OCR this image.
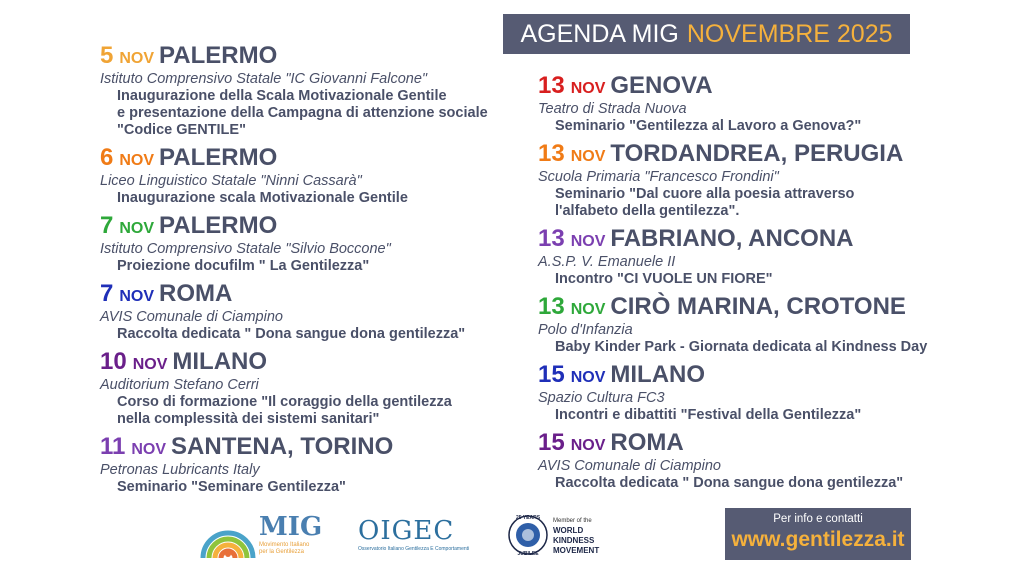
AGENDA MIG NOVEMBRE 2025
5 NOV PALERMO
Istituto Comprensivo Statale "IC Giovanni Falcone"
Inaugurazione della Scala Motivazionale Gentile
e presentazione della Campagna di attenzione sociale
"Codice GENTILE"
6 NOV PALERMO
Liceo Linguistico Statale "Ninni Cassarà"
Inaugurazione scala Motivazionale Gentile
7 NOV PALERMO
Istituto Comprensivo Statale "Silvio Boccone"
Proiezione docufilm " La Gentilezza"
7 NOV ROMA
AVIS Comunale di Ciampino
Raccolta dedicata " Dona sangue dona gentilezza"
10 NOV MILANO
Auditorium Stefano Cerri
Corso di formazione "Il coraggio della gentilezza
nella complessità dei sistemi sanitari"
11 NOV SANTENA, TORINO
Petronas Lubricants Italy
Seminario "Seminare Gentilezza"
13 NOV GENOVA
Teatro di Strada Nuova
Seminario "Gentilezza al Lavoro a Genova?"
13 NOV TORDANDREA, PERUGIA
Scuola Primaria "Francesco Frondini"
Seminario "Dal cuore alla poesia attraverso
l'alfabeto della gentilezza".
13 NOV FABRIANO, ANCONA
A.S.P. V. Emanuele II
Incontro "CI VUOLE UN FIORE"
13 NOV CIRÒ MARINA, CROTONE
Polo d'Infanzia
Baby Kinder Park - Giornata dedicata al Kindness Day
15 NOV MILANO
Spazio Cultura FC3
Incontri e dibattiti "Festival della Gentilezza"
15 NOV ROMA
AVIS Comunale di Ciampino
Raccolta dedicata " Dona sangue dona gentilezza"
MIG
Movimento Italiano
per la Gentilezza
OIGEC
Osservatorio Italiano Gentilezza E Comportamenti
25 YEARS
JUBILEE
Member of the
WORLD
KINDNESS
MOVEMENT
Per info e contatti
www.gentilezza.it
